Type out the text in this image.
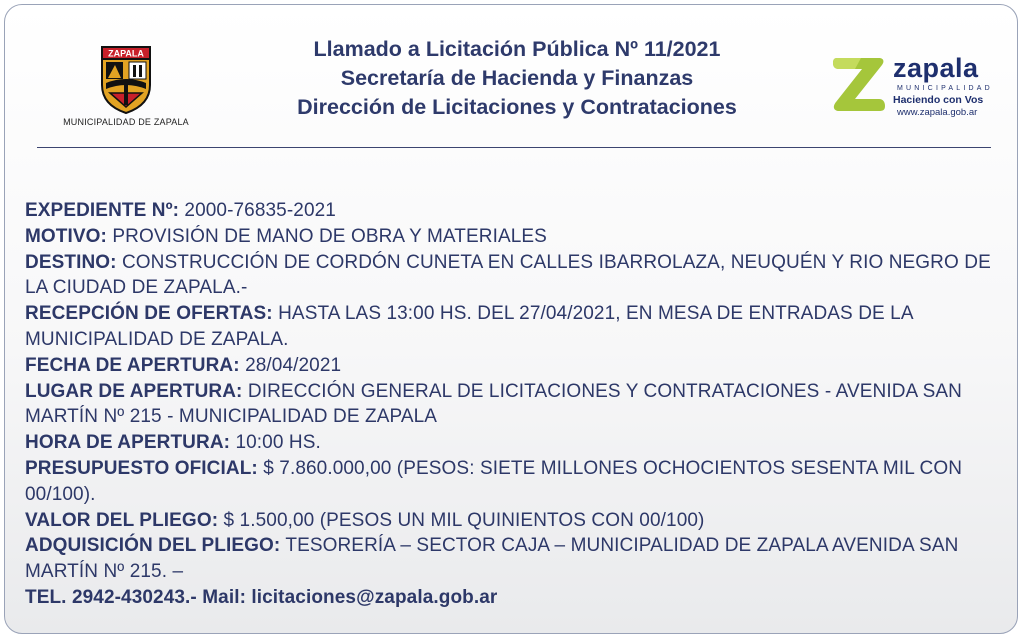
ZAPALA
MUNICIPALIDAD DE ZAPALA
Llamado a Licitación Pública Nº 11/2021
Secretaría de Hacienda y Finanzas
Dirección de Licitaciones y Contrataciones
zapala
MUNICIPALIDAD
Haciendo con Vos
www.zapala.gob.ar

EXPEDIENTE Nº: 2000-76835-2021

MOTIVO: PROVISIÓN DE MANO DE OBRA Y MATERIALES

DESTINO: CONSTRUCCIÓN DE CORDÓN CUNETA EN CALLES IBARROLAZA, NEUQUÉN Y RIO NEGRO DE LA CIUDAD DE ZAPALA.-

RECEPCIÓN DE OFERTAS: HASTA LAS 13:00 HS. DEL 27/04/2021, EN MESA DE ENTRADAS DE LA MUNICIPALIDAD DE ZAPALA.

FECHA DE APERTURA: 28/04/2021

LUGAR DE APERTURA: DIRECCIÓN GENERAL DE LICITACIONES Y CONTRATACIONES - AVENIDA SAN MARTÍN Nº 215 - MUNICIPALIDAD DE ZAPALA

HORA DE APERTURA: 10:00 HS.

PRESUPUESTO OFICIAL: $ 7.860.000,00 (PESOS: SIETE MILLONES OCHOCIENTOS SESENTA MIL CON 00/100).

VALOR DEL PLIEGO: $ 1.500,00 (PESOS UN MIL QUINIENTOS CON 00/100)

ADQUISICIÓN DEL PLIEGO: TESORERÍA – SECTOR CAJA – MUNICIPALIDAD DE ZAPALA AVENIDA SAN MARTÍN Nº 215. –

TEL. 2942-430243.- Mail: licitaciones@zapala.gob.ar
